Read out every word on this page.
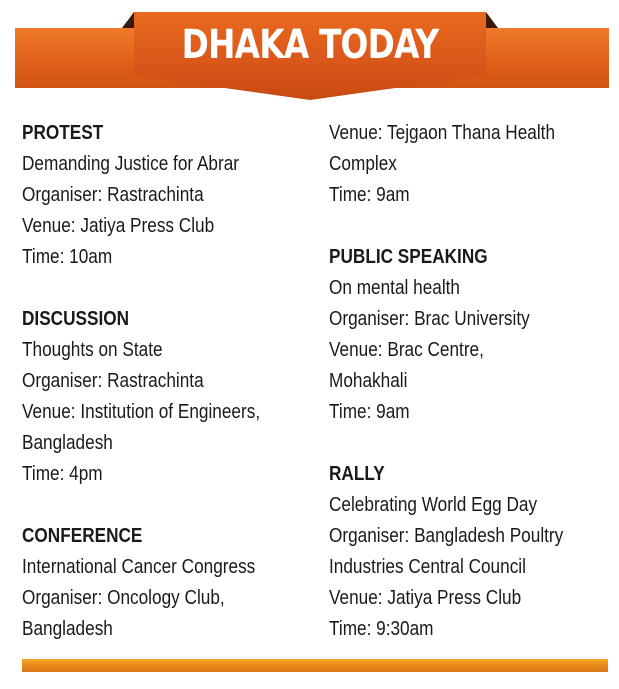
DHAKA TODAY
PROTEST
Demanding Justice for Abrar
Organiser: Rastrachinta
Venue: Jatiya Press Club
Time: 10am
DISCUSSION
Thoughts on State
Organiser: Rastrachinta
Venue: Institution of Engineers,
Bangladesh
Time: 4pm
CONFERENCE
International Cancer Congress
Organiser: Oncology Club,
Bangladesh
Venue: Tejgaon Thana Health
Complex
Time: 9am
PUBLIC SPEAKING
On mental health
Organiser: Brac University
Venue: Brac Centre,
Mohakhali
Time: 9am
RALLY
Celebrating World Egg Day
Organiser: Bangladesh Poultry
Industries Central Council
Venue: Jatiya Press Club
Time: 9:30am
